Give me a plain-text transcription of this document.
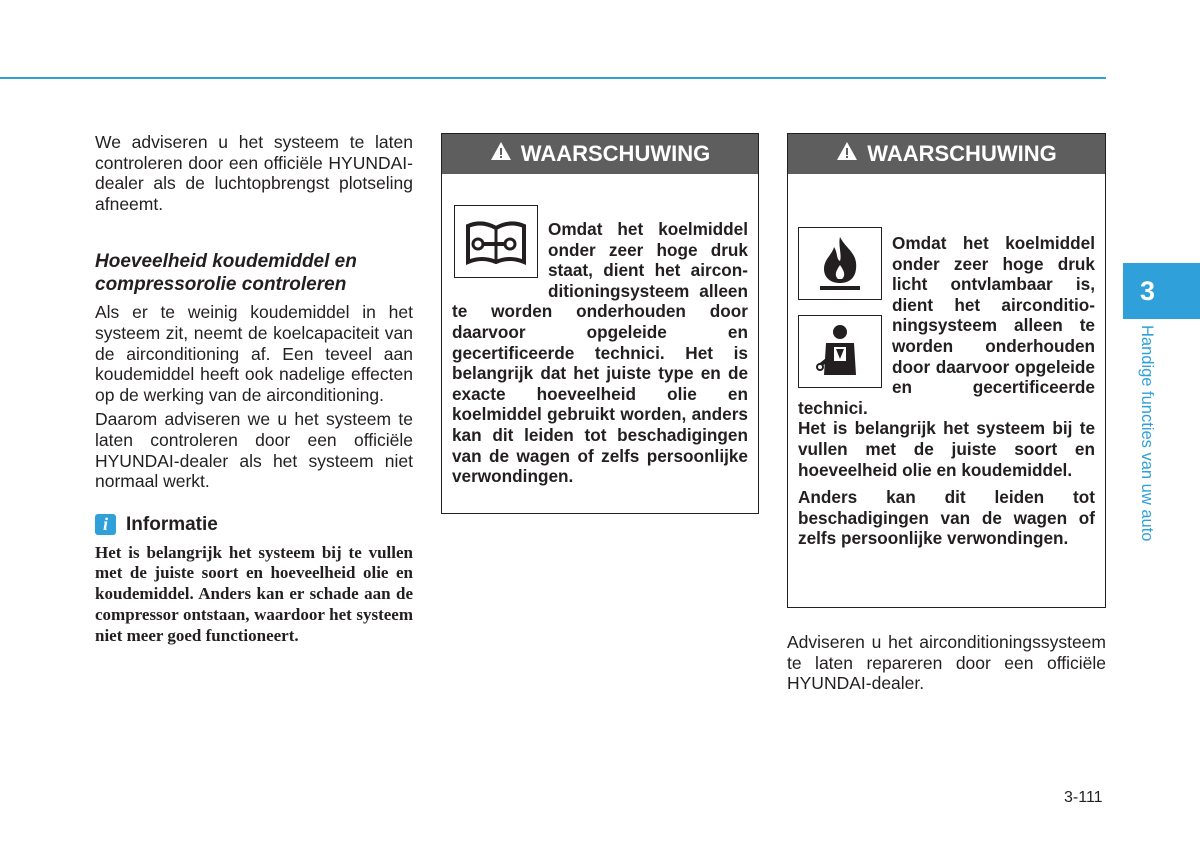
We adviseren u het systeem te laten controleren door een officiële HYUNDAI-dealer als de luchtopbrengst plotseling afneemt.

Hoeveelheid koudemiddel en compressorolie controleren

Als er te weinig koudemiddel in het systeem zit, neemt de koelcapaciteit van de airconditioning af. Een teveel aan koudemiddel heeft ook nadelige effecten op de werking van de airconditioning.

Daarom adviseren we u het systeem te laten controleren door een officiële HYUNDAI-dealer als het systeem niet normaal werkt.

i Informatie

Het is belangrijk het systeem bij te vullen met de juiste soort en hoeveelheid olie en koudemiddel. Anders kan er schade aan de compressor ontstaan, waardoor het systeem niet meer goed functioneert.

WAARSCHUWING

Omdat het koelmiddel onder zeer hoge druk staat, dient het airconditioningsysteem alleen te worden onderhouden door daarvoor opgeleide en gecertificeerde technici. Het is belangrijk dat het juiste type en de exacte hoeveelheid olie en koelmiddel gebruikt worden, anders kan dit leiden tot beschadigingen van de wagen of zelfs persoonlijke verwondingen.

WAARSCHUWING

Omdat het koelmiddel onder zeer hoge druk licht ontvlambaar is, dient het airconditioningsysteem alleen te worden onderhouden door daarvoor opgeleide en gecertificeerde technici.

Het is belangrijk het systeem bij te vullen met de juiste soort en hoeveelheid olie en koudemiddel.

Anders kan dit leiden tot beschadigingen van de wagen of zelfs persoonlijke verwondingen.

Adviseren u het airconditioningssysteem te laten repareren door een officiële HYUNDAI-dealer.

3
Handige functies van uw auto
3-111
